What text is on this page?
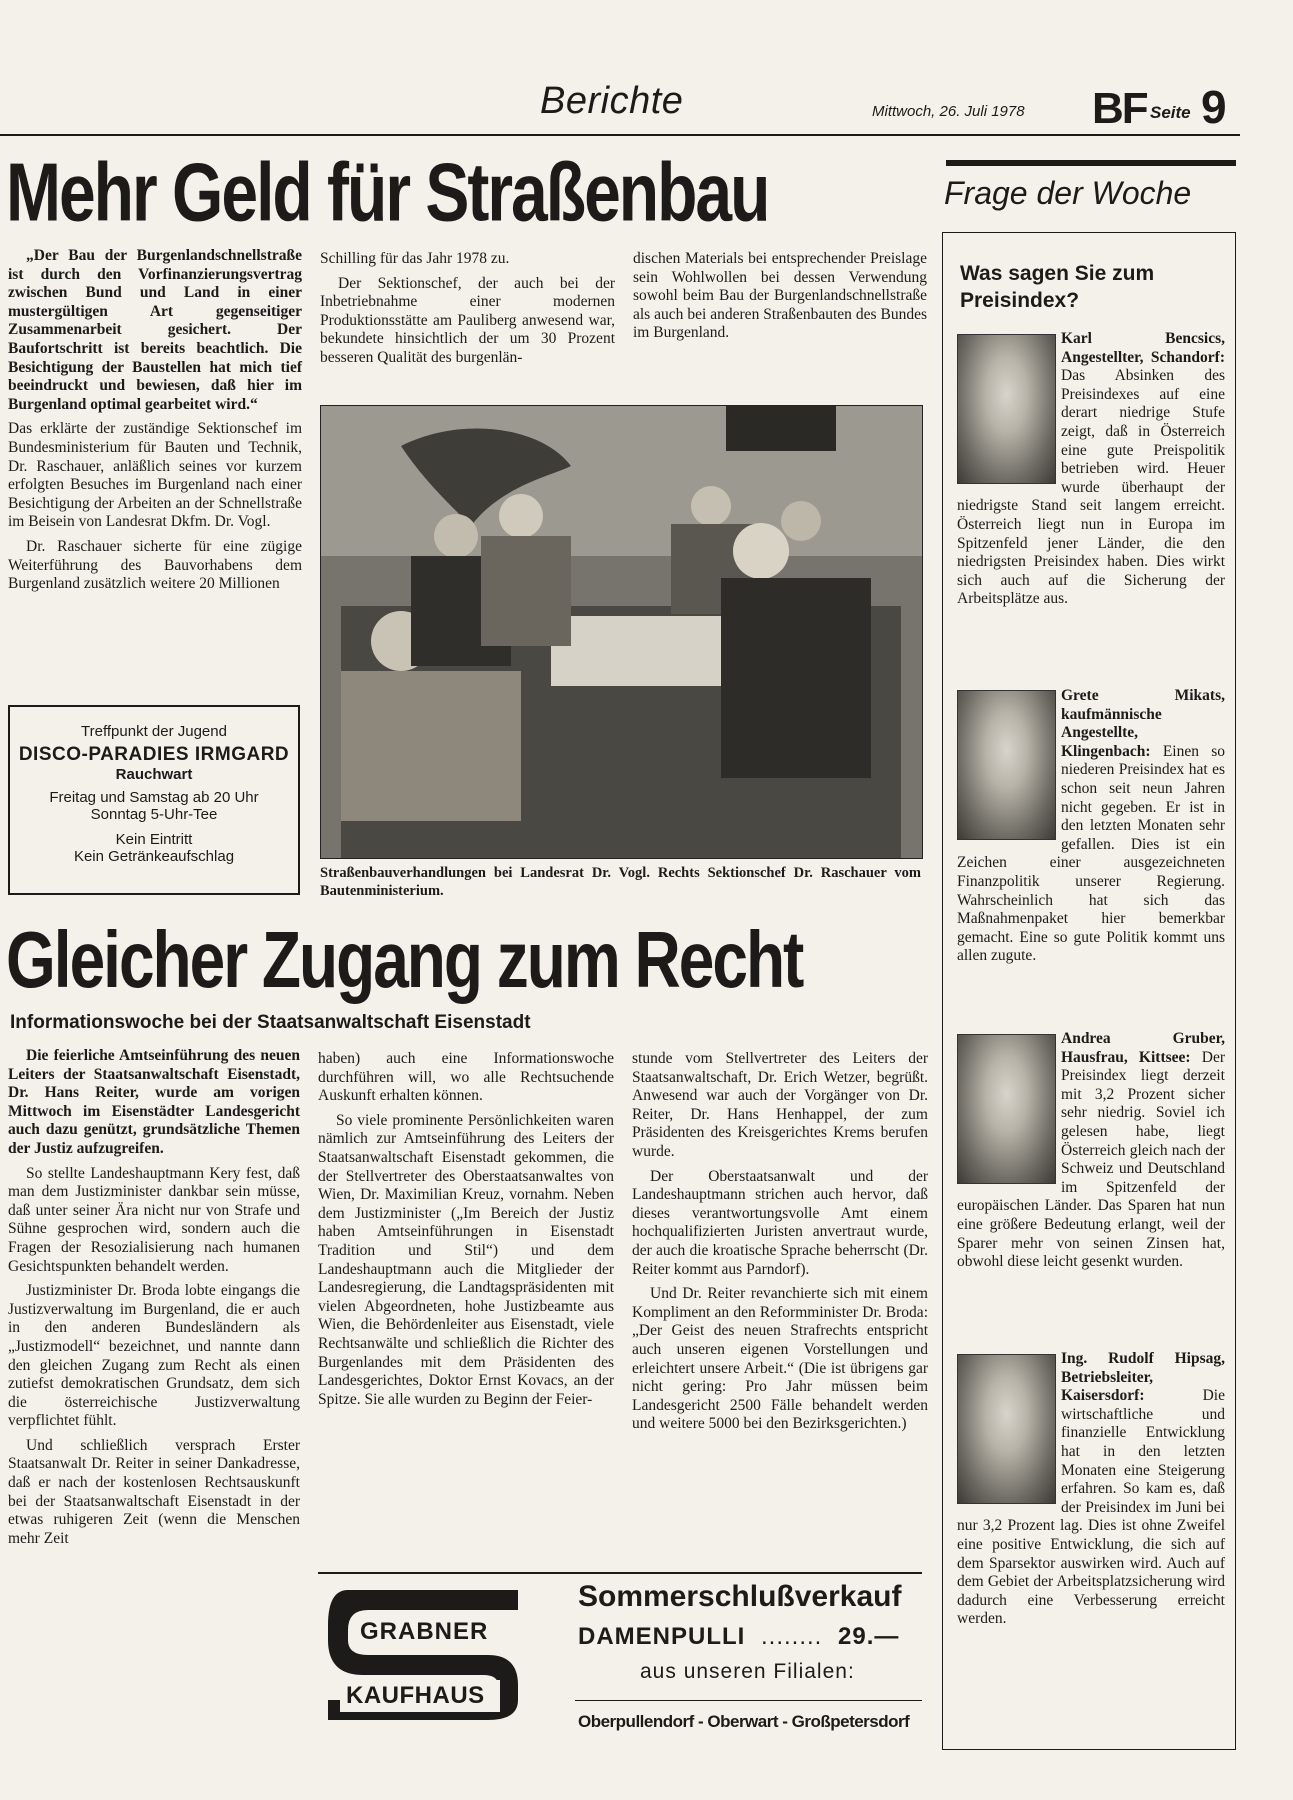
Berichte	Mittwoch, 26. Juli 1978 BF Seite 9
Mehr Geld für Straßenbau

„Der Bau der Burgenlandschnellstraße ist durch den Vorfinanzierungsvertrag zwischen Bund und Land in einer mustergültigen Art gegenseitiger Zusammenarbeit gesichert. Der Baufortschritt ist bereits beachtlich. Die Besichtigung der Baustellen hat mich tief beeindruckt und bewiesen, daß hier im Burgenland optimal gearbeitet wird.“

Das erklärte der zuständige Sektionschef im Bundesministerium für Bauten und Technik, Dr. Raschauer, anläßlich seines vor kurzem erfolgten Besuches im Burgenland nach einer Besichtigung der Arbeiten an der Schnellstraße im Beisein von Landesrat Dkfm. Dr. Vogl.

Dr. Raschauer sicherte für eine zügige Weiterführung des Bauvorhabens dem Burgenland zusätzlich weitere 20 Millionen

Schilling für das Jahr 1978 zu.

Der Sektionschef, der auch bei der Inbetriebnahme einer modernen Produktionsstätte am Pauliberg anwesend war, bekundete hinsichtlich der um 30 Prozent besseren Qualität des burgenlän-

dischen Materials bei entsprechender Preislage sein Wohlwollen bei dessen Verwendung sowohl beim Bau der Burgenlandschnellstraße als auch bei anderen Straßenbauten des Bundes im Burgenland.

Straßenbauverhandlungen bei Landesrat Dr. Vogl. Rechts Sektionschef Dr. Raschauer vom Bautenministerium.
Treffpunkt der Jugend
DISCO-PARADIES IRMGARD
Rauchwart
Freitag und Samstag ab 20 Uhr
Sonntag 5-Uhr-Tee
Kein Eintritt
Kein Getränkeaufschlag
Gleicher Zugang zum Recht
Informationswoche bei der Staatsanwaltschaft Eisenstadt

Die feierliche Amtseinführung des neuen Leiters der Staatsanwaltschaft Eisenstadt, Dr. Hans Reiter, wurde am vorigen Mittwoch im Eisenstädter Landesgericht auch dazu genützt, grundsätzliche Themen der Justiz aufzugreifen.

So stellte Landeshauptmann Kery fest, daß man dem Justizminister dankbar sein müsse, daß unter seiner Ära nicht nur von Strafe und Sühne gesprochen wird, sondern auch die Fragen der Resozialisierung nach humanen Gesichtspunkten behandelt werden.

Justizminister Dr. Broda lobte eingangs die Justizverwaltung im Burgenland, die er auch in den anderen Bundesländern als „Justizmodell“ bezeichnet, und nannte dann den gleichen Zugang zum Recht als einen zutiefst demokratischen Grundsatz, dem sich die österreichische Justizverwaltung verpflichtet fühlt.

Und schließlich versprach Erster Staatsanwalt Dr. Reiter in seiner Dankadresse, daß er nach der kostenlosen Rechtsauskunft bei der Staatsanwaltschaft Eisenstadt in der etwas ruhigeren Zeit (wenn die Menschen mehr Zeit

haben) auch eine Informationswoche durchführen will, wo alle Rechtsuchende Auskunft erhalten können.

So viele prominente Persönlichkeiten waren nämlich zur Amtseinführung des Leiters der Staatsanwaltschaft Eisenstadt gekommen, die der Stellvertreter des Oberstaatsanwaltes von Wien, Dr. Maximilian Kreuz, vornahm. Neben dem Justizminister („Im Bereich der Justiz haben Amtseinführungen in Eisenstadt Tradition und Stil“) und dem Landeshauptmann auch die Mitglieder der Landesregierung, die Landtagspräsidenten mit vielen Abgeordneten, hohe Justizbeamte aus Wien, die Behördenleiter aus Eisenstadt, viele Rechtsanwälte und schließlich die Richter des Burgenlandes mit dem Präsidenten des Landesgerichtes, Doktor Ernst Kovacs, an der Spitze. Sie alle wurden zu Beginn der Feier-

stunde vom Stellvertreter des Leiters der Staatsanwaltschaft, Dr. Erich Wetzer, begrüßt. Anwesend war auch der Vorgänger von Dr. Reiter, Dr. Hans Henhappel, der zum Präsidenten des Kreisgerichtes Krems berufen wurde.

Der Oberstaatsanwalt und der Landeshauptmann strichen auch hervor, daß dieses verantwortungsvolle Amt einem hochqualifizierten Juristen anvertraut wurde, der auch die kroatische Sprache beherrscht (Dr. Reiter kommt aus Parndorf).

Und Dr. Reiter revanchierte sich mit einem Kompliment an den Reformminister Dr. Broda: „Der Geist des neuen Strafrechts entspricht auch unseren eigenen Vorstellungen und erleichtert unsere Arbeit.“ (Die ist übrigens gar nicht gering: Pro Jahr müssen beim Landesgericht 2500 Fälle behandelt werden und weitere 5000 bei den Bezirksgerichten.)

GRABNER
KAUFHAUS
Sommerschlußverkauf
DAMENPULLI ........ 29.—
aus unseren Filialen:
Oberpullendorf - Oberwart - Großpetersdorf
Frage der Woche
Was sagen Sie zum Preisindex?
Karl Bencsics, Angestellter, Schandorf: Das Absinken des Preisindexes auf eine derart niedrige Stufe zeigt, daß in Österreich eine gute Preispolitik betrieben wird. Heuer wurde überhaupt der niedrigste Stand seit langem erreicht. Österreich liegt nun in Europa im Spitzenfeld jener Länder, die den niedrigsten Preisindex haben. Dies wirkt sich auch auf die Sicherung der Arbeitsplätze aus.
Grete Mikats, kaufmännische Angestellte, Klingenbach: Einen so niederen Preisindex hat es schon seit neun Jahren nicht gegeben. Er ist in den letzten Monaten sehr gefallen. Dies ist ein Zeichen einer ausgezeichneten Finanzpolitik unserer Regierung. Wahrscheinlich hat sich das Maßnahmenpaket hier bemerkbar gemacht. Eine so gute Politik kommt uns allen zugute.
Andrea Gruber, Hausfrau, Kittsee: Der Preisindex liegt derzeit mit 3,2 Prozent sicher sehr niedrig. Soviel ich gelesen habe, liegt Österreich gleich nach der Schweiz und Deutschland im Spitzenfeld der europäischen Länder. Das Sparen hat nun eine größere Bedeutung erlangt, weil der Sparer mehr von seinen Zinsen hat, obwohl diese leicht gesenkt wurden.
Ing. Rudolf Hipsag, Betriebsleiter, Kaisersdorf:	Die wirtschaftliche und finanzielle Entwicklung hat in den letzten Monaten eine Steigerung erfahren. So kam es, daß der Preisindex im Juni bei nur 3,2 Prozent lag. Dies ist ohne Zweifel eine positive Entwicklung, die sich auf dem Sparsektor auswirken wird. Auch auf dem Gebiet der Arbeitsplatzsicherung wird dadurch eine Verbesserung erreicht werden.
